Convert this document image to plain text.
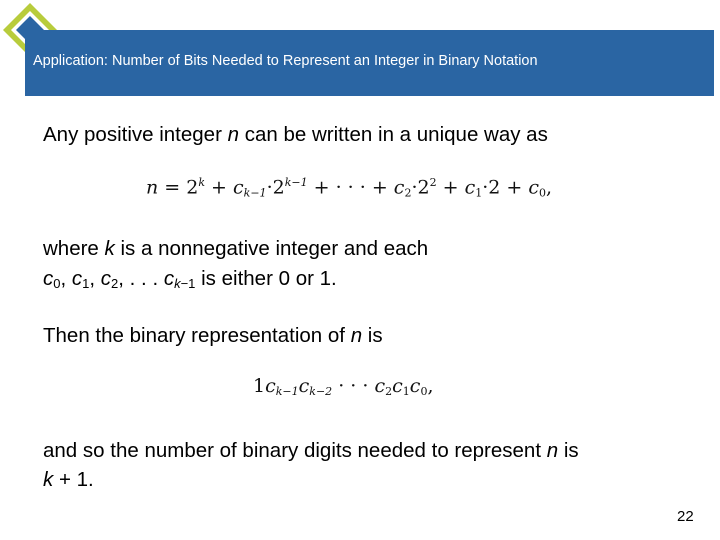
Application: Number of Bits Needed to Represent an Integer in Binary Notation
Any positive integer n can be written in a unique way as
$n = 2^k + c_{k-1}\cdot 2^{k-1}$ + · · · + $c_2\cdot 2^2 + c_1\cdot 2 + c_0$,
where k is a nonnegative integer and each
$c_0$, $c_1$, $c_2$, . . . $c_{k-1}$ is either 0 or 1.
Then the binary representation of n is
$1c_{k-1}c_{k-2}$ · · · $c_2c_1c_0$,
and so the number of binary digits needed to represent n is
k + 1.
22
